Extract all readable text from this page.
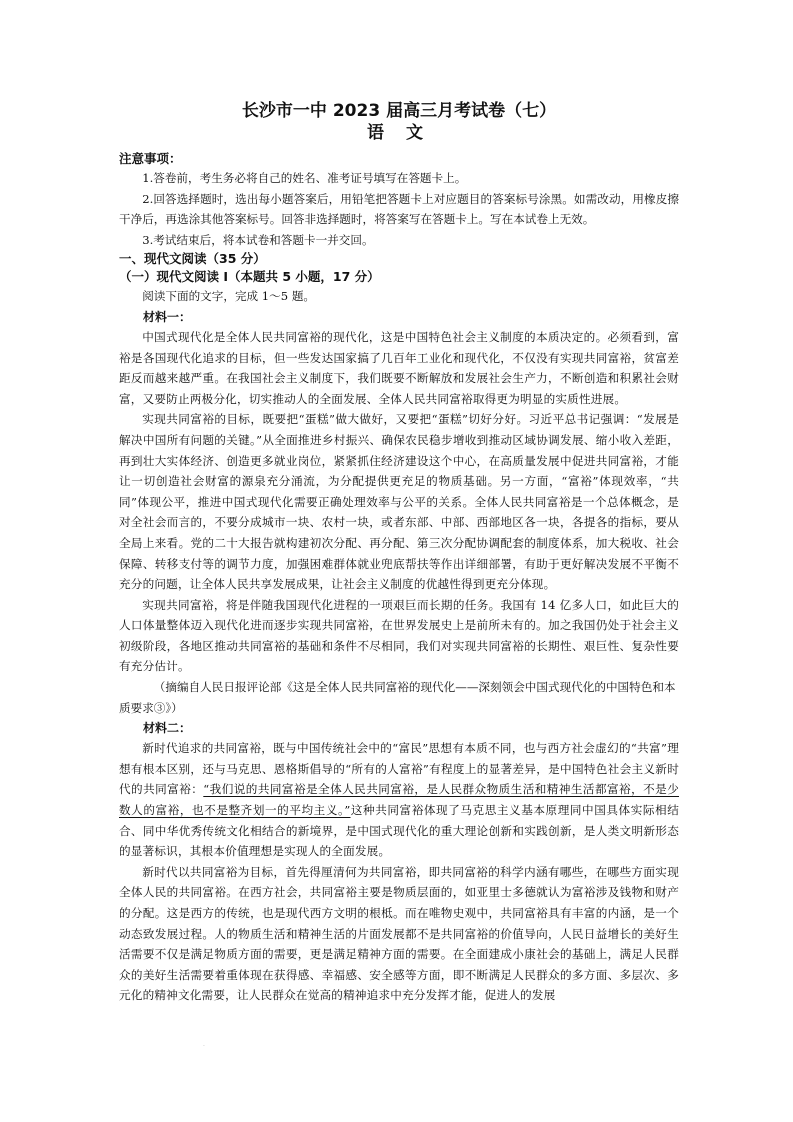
长沙市一中 2023 届高三月考试卷（七）

语 文

注意事项：

1.答卷前，考生务必将自己的姓名、准考证号填写在答题卡上。

2.回答选择题时，选出每小题答案后，用铅笔把答题卡上对应题目的答案标号涂黑。如需改动，用橡皮擦干净后，再选涂其他答案标号。回答非选择题时，将答案写在答题卡上。写在本试卷上无效。

3.考试结束后，将本试卷和答题卡一并交回。

一、现代文阅读（35 分）

（一）现代文阅读 I（本题共 5 小题，17 分）

阅读下面的文字，完成 1～5 题。

材料一：

中国式现代化是全体人民共同富裕的现代化，这是中国特色社会主义制度的本质决定的。必须看到，富裕是各国现代化追求的目标，但一些发达国家搞了几百年工业化和现代化，不仅没有实现共同富裕，贫富差距反而越来越严重。在我国社会主义制度下，我们既要不断解放和发展社会生产力，不断创造和积累社会财富，又要防止两极分化，切实推动人的全面发展、全体人民共同富裕取得更为明显的实质性进展。

实现共同富裕的目标，既要把“蛋糕”做大做好，又要把“蛋糕”切好分好。习近平总书记强调：“发展是解决中国所有问题的关键。”从全面推进乡村振兴、确保农民稳步增收到推动区域协调发展、缩小收入差距，再到壮大实体经济、创造更多就业岗位，紧紧抓住经济建设这个中心，在高质量发展中促进共同富裕，才能让一切创造社会财富的源泉充分涌流，为分配提供更充足的物质基础。另一方面，“富裕”体现效率，“共同”体现公平，推进中国式现代化需要正确处理效率与公平的关系。全体人民共同富裕是一个总体概念，是对全社会而言的，不要分成城市一块、农村一块，或者东部、中部、西部地区各一块，各提各的指标，要从全局上来看。党的二十大报告就构建初次分配、再分配、第三次分配协调配套的制度体系，加大税收、社会保障、转移支付等的调节力度，加强困难群体就业兜底帮扶等作出详细部署，有助于更好解决发展不平衡不充分的问题，让全体人民共享发展成果，让社会主义制度的优越性得到更充分体现。

实现共同富裕，将是伴随我国现代化进程的一项艰巨而长期的任务。我国有 14 亿多人口，如此巨大的人口体量整体迈入现代化进而逐步实现共同富裕，在世界发展史上是前所未有的。加之我国仍处于社会主义初级阶段，各地区推动共同富裕的基础和条件不尽相同，我们对实现共同富裕的长期性、艰巨性、复杂性要有充分估计。

（摘编自人民日报评论部《这是全体人民共同富裕的现代化——深刻领会中国式现代化的中国特色和本质要求③》）

材料二：

新时代追求的共同富裕，既与中国传统社会中的“富民”思想有本质不同，也与西方社会虚幻的“共富”理想有根本区别，还与马克思、恩格斯倡导的“所有的人富裕”有程度上的显著差异，是中国特色社会主义新时代的共同富裕：“我们说的共同富裕是全体人民共同富裕，是人民群众物质生活和精神生活都富裕，不是少数人的富裕，也不是整齐划一的平均主义。”这种共同富裕体现了马克思主义基本原理同中国具体实际相结合、同中华优秀传统文化相结合的新境界，是中国式现代化的重大理论创新和实践创新，是人类文明新形态的显著标识，其根本价值理想是实现人的全面发展。

新时代以共同富裕为目标，首先得厘清何为共同富裕，即共同富裕的科学内涵有哪些，在哪些方面实现全体人民的共同富裕。在西方社会，共同富裕主要是物质层面的，如亚里士多德就认为富裕涉及钱物和财产的分配。这是西方的传统，也是现代西方文明的根柢。而在唯物史观中，共同富裕具有丰富的内涵，是一个动态致发展过程。人的物质生活和精神生活的片面发展都不是共同富裕的价值导向，人民日益增长的美好生活需要不仅是满足物质方面的需要，更是满足精神方面的需要。在全面建成小康社会的基础上，满足人民群众的美好生活需要着重体现在获得感、幸福感、安全感等方面，即不断满足人民群众的多方面、多层次、多元化的精神文化需要，让人民群众在觉高的精神追求中充分发挥才能，促进人的发展

·
